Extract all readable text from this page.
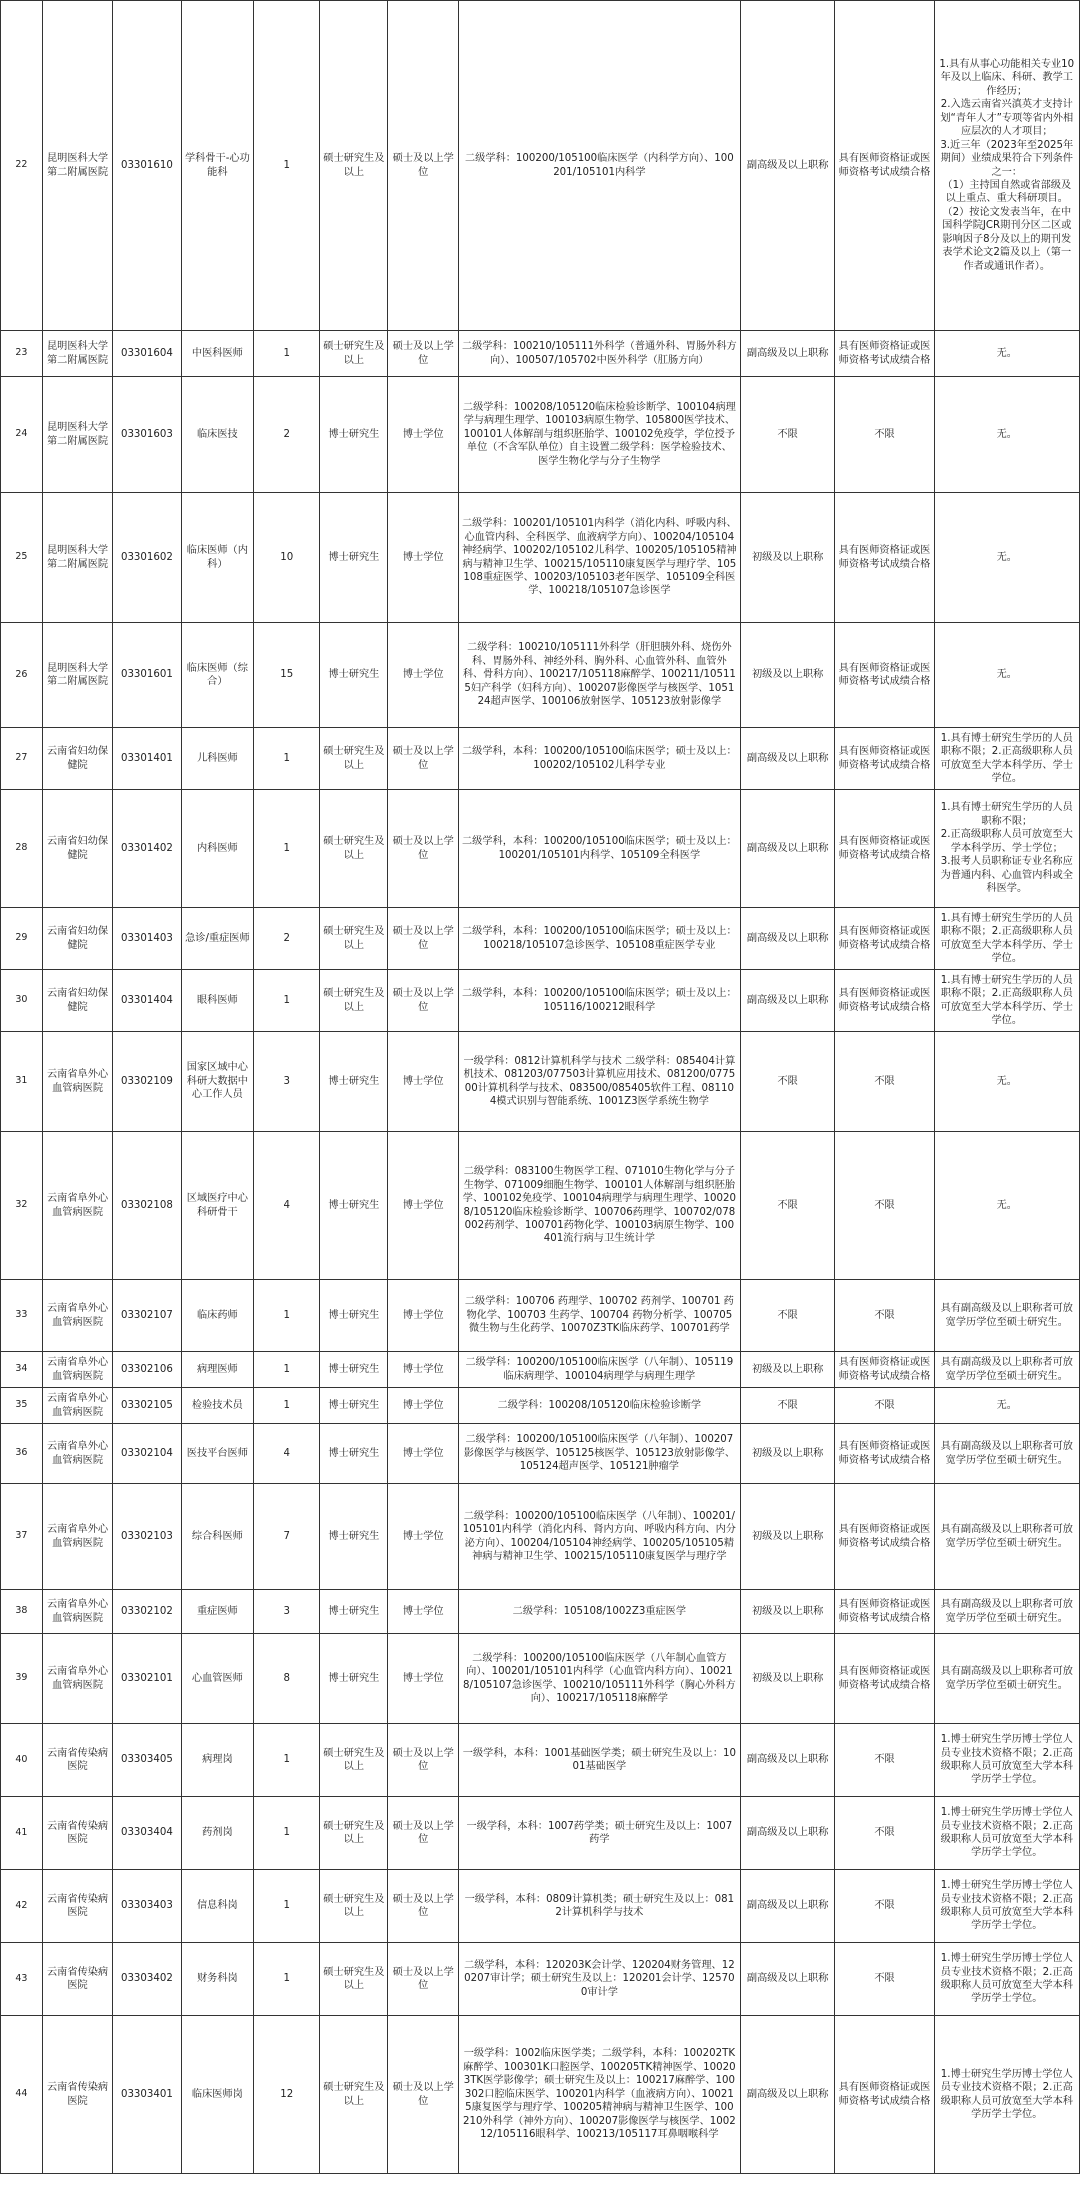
22	昆明医科大学第二附属医院	03301610	学科骨干-心功能科	1	硕士研究生及以上	硕士及以上学位	二级学科：100200/105100临床医学（内科学方向）、100201/105101内科学	副高级及以上职称	具有医师资格证或医师资格考试成绩合格	1.具有从事心功能相关专业10年及以上临床、科研、教学工作经历；
2.入选云南省兴滇英才支持计划“青年人才”专项等省内外相应层次的人才项目；
3.近三年（2023年至2025年期间）业绩成果符合下列条件之一：
（1）主持国自然或省部级及以上重点、重大科研项目。
（2）按论文发表当年，在中国科学院JCR期刊分区二区或影响因子8分及以上的期刊发表学术论文2篇及以上（第一作者或通讯作者）。

23	昆明医科大学第二附属医院	03301604	中医科医师	1	硕士研究生及以上	硕士及以上学位	二级学科：100210/105111外科学（普通外科、胃肠外科方向）、100507/105702中医外科学（肛肠方向）	副高级及以上职称	具有医师资格证或医师资格考试成绩合格	无。

24	昆明医科大学第二附属医院	03301603	临床医技	2	博士研究生	博士学位	二级学科：100208/105120临床检验诊断学、100104病理学与病理生理学、100103病原生物学、105800医学技术、100101人体解剖与组织胚胎学、100102免疫学，学位授予单位（不含军队单位）自主设置二级学科：医学检验技术、医学生物化学与分子生物学	不限	不限	无。

25	昆明医科大学第二附属医院	03301602	临床医师（内科）	10	博士研究生	博士学位	二级学科：100201/105101内科学（消化内科、呼吸内科、心血管内科、全科医学、血液病学方向）、100204/105104神经病学、100202/105102儿科学、100205/105105精神病与精神卫生学、100215/105110康复医学与理疗学、105108重症医学、100203/105103老年医学、105109全科医学、100218/105107急诊医学	初级及以上职称	具有医师资格证或医师资格考试成绩合格	无。

26	昆明医科大学第二附属医院	03301601	临床医师（综合）	15	博士研究生	博士学位	二级学科：100210/105111外科学（肝胆胰外科、烧伤外科、胃肠外科、神经外科、胸外科、心血管外科、血管外科、骨科方向）、100217/105118麻醉学、100211/105115妇产科学（妇科方向）、100207影像医学与核医学、105124超声医学、100106放射医学、105123放射影像学	初级及以上职称	具有医师资格证或医师资格考试成绩合格	无。

27	云南省妇幼保健院	03301401	儿科医师	1	硕士研究生及以上	硕士及以上学位	二级学科，本科：100200/105100临床医学；硕士及以上：100202/105102儿科学专业	副高级及以上职称	具有医师资格证或医师资格考试成绩合格	1.具有博士研究生学历的人员职称不限；2.正高级职称人员可放宽至大学本科学历、学士学位。

28	云南省妇幼保健院	03301402	内科医师	1	硕士研究生及以上	硕士及以上学位	二级学科，本科：100200/105100临床医学；硕士及以上：100201/105101内科学、105109全科医学	副高级及以上职称	具有医师资格证或医师资格考试成绩合格	1.具有博士研究生学历的人员职称不限；
2.正高级职称人员可放宽至大学本科学历、学士学位；
3.报考人员职称证专业名称应为普通内科、心血管内科或全科医学。

29	云南省妇幼保健院	03301403	急诊/重症医师	2	硕士研究生及以上	硕士及以上学位	二级学科，本科：100200/105100临床医学；硕士及以上：100218/105107急诊医学、105108重症医学专业	副高级及以上职称	具有医师资格证或医师资格考试成绩合格	1.具有博士研究生学历的人员职称不限；2.正高级职称人员可放宽至大学本科学历、学士学位。

30	云南省妇幼保健院	03301404	眼科医师	1	硕士研究生及以上	硕士及以上学位	二级学科，本科：100200/105100临床医学；硕士及以上：105116/100212眼科学	副高级及以上职称	具有医师资格证或医师资格考试成绩合格	1.具有博士研究生学历的人员职称不限；2.正高级职称人员可放宽至大学本科学历、学士学位。

31	云南省阜外心血管病医院	03302109	国家区域中心科研大数据中心工作人员	3	博士研究生	博士学位	一级学科：0812计算机科学与技术 二级学科：085404计算机技术、081203/077503计算机应用技术、081200/077500计算机科学与技术、083500/085405软件工程、081104模式识别与智能系统、1001Z3医学系统生物学	不限	不限	无。

32	云南省阜外心血管病医院	03302108	区域医疗中心科研骨干	4	博士研究生	博士学位	二级学科：083100生物医学工程、071010生物化学与分子生物学、071009细胞生物学、100101人体解剖与组织胚胎学、100102免疫学、100104病理学与病理生理学、100208/105120临床检验诊断学、100706药理学、100702/078002药剂学、100701药物化学、100103病原生物学、100401流行病与卫生统计学	不限	不限	无。

33	云南省阜外心血管病医院	03302107	临床药师	1	博士研究生	博士学位	二级学科：100706 药理学、100702 药剂学、100701 药物化学、100703 生药学、100704 药物分析学、100705 微生物与生化药学、10070Z3TK临床药学、100701药学	不限	不限	具有副高级及以上职称者可放宽学历学位至硕士研究生。

34	云南省阜外心血管病医院	03302106	病理医师	1	博士研究生	博士学位	二级学科：100200/105100临床医学（八年制）、105119临床病理学、100104病理学与病理生理学	初级及以上职称	具有医师资格证或医师资格考试成绩合格	具有副高级及以上职称者可放宽学历学位至硕士研究生。

35	云南省阜外心血管病医院	03302105	检验技术员	1	博士研究生	博士学位	二级学科：100208/105120临床检验诊断学	不限	不限	无。

36	云南省阜外心血管病医院	03302104	医技平台医师	4	博士研究生	博士学位	二级学科：100200/105100临床医学（八年制）、100207影像医学与核医学、105125核医学、105123放射影像学、105124超声医学、105121肿瘤学	初级及以上职称	具有医师资格证或医师资格考试成绩合格	具有副高级及以上职称者可放宽学历学位至硕士研究生。

37	云南省阜外心血管病医院	03302103	综合科医师	7	博士研究生	博士学位	二级学科：100200/105100临床医学（八年制）、100201/105101内科学（消化内科、肾内方向、呼吸内科方向、内分泌方向）、100204/105104神经病学、100205/105105精神病与精神卫生学、100215/105110康复医学与理疗学	初级及以上职称	具有医师资格证或医师资格考试成绩合格	具有副高级及以上职称者可放宽学历学位至硕士研究生。

38	云南省阜外心血管病医院	03302102	重症医师	3	博士研究生	博士学位	二级学科：105108/1002Z3重症医学	初级及以上职称	具有医师资格证或医师资格考试成绩合格	具有副高级及以上职称者可放宽学历学位至硕士研究生。

39	云南省阜外心血管病医院	03302101	心血管医师	8	博士研究生	博士学位	二级学科：100200/105100临床医学（八年制心血管方向）、100201/105101内科学（心血管内科方向）、100218/105107急诊医学、100210/105111外科学（胸心外科方向）、100217/105118麻醉学	初级及以上职称	具有医师资格证或医师资格考试成绩合格	具有副高级及以上职称者可放宽学历学位至硕士研究生。

40	云南省传染病医院	03303405	病理岗	1	硕士研究生及以上	硕士及以上学位	一级学科，本科：1001基础医学类；硕士研究生及以上：1001基础医学	副高级及以上职称	不限	1.博士研究生学历博士学位人员专业技术资格不限；2.正高级职称人员可放宽至大学本科学历学士学位。

41	云南省传染病医院	03303404	药剂岗	1	硕士研究生及以上	硕士及以上学位	一级学科，本科：1007药学类；硕士研究生及以上：1007药学	副高级及以上职称	不限	1.博士研究生学历博士学位人员专业技术资格不限；2.正高级职称人员可放宽至大学本科学历学士学位。

42	云南省传染病医院	03303403	信息科岗	1	硕士研究生及以上	硕士及以上学位	一级学科，本科：0809计算机类；硕士研究生及以上：0812计算机科学与技术	副高级及以上职称	不限	1.博士研究生学历博士学位人员专业技术资格不限；2.正高级职称人员可放宽至大学本科学历学士学位。

43	云南省传染病医院	03303402	财务科岗	1	硕士研究生及以上	硕士及以上学位	二级学科，本科：120203K会计学、120204财务管理、120207审计学；硕士研究生及以上：120201会计学、125700审计学	副高级及以上职称	不限	1.博士研究生学历博士学位人员专业技术资格不限；2.正高级职称人员可放宽至大学本科学历学士学位。

44	云南省传染病医院	03303401	临床医师岗	12	硕士研究生及以上	硕士及以上学位	一级学科：1002临床医学类；二级学科，本科：100202TK麻醉学、100301K口腔医学、100205TK精神医学、100203TK医学影像学；硕士研究生及以上：100217麻醉学、100302口腔临床医学、100201内科学（血液病方向）、100215康复医学与理疗学、100205精神病与精神卫生医学、100210外科学（神外方向）、100207影像医学与核医学、100212/105116眼科学、100213/105117耳鼻咽喉科学	副高级及以上职称	具有医师资格证或医师资格考试成绩合格	1.博士研究生学历博士学位人员专业技术资格不限；2.正高级职称人员可放宽至大学本科学历学士学位。
